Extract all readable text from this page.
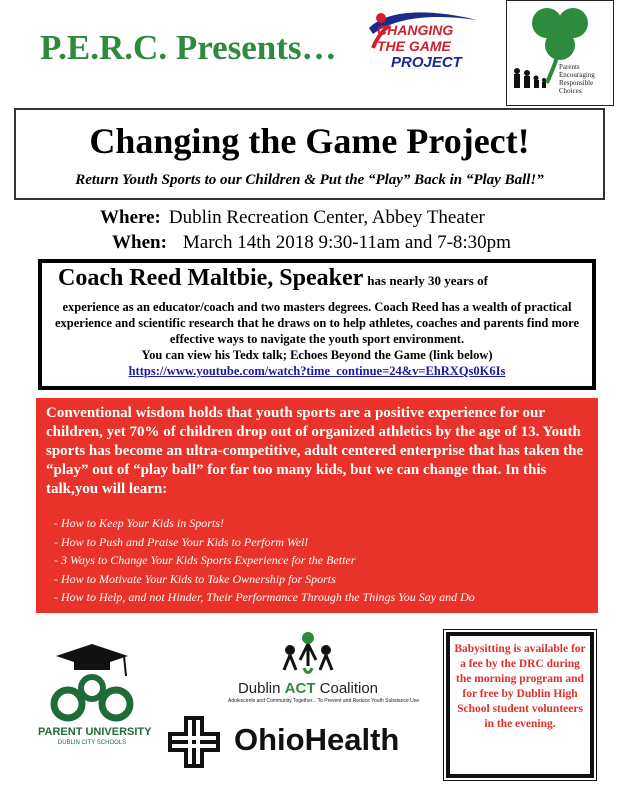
P.E.R.C. Presents…	CHANGING
THE GAME
PROJECT	Parents
Encouraging
Responsible
Choices
Changing the Game Project!
Return Youth Sports to our Children & Put the “Play” Back in “Play Ball!”
Where: Dublin Recreation Center, Abbey Theater
When: March 14th 2018 9:30-11am and 7-8:30pm
Coach Reed Maltbie, Speaker has nearly 30 years of
experience as an educator/coach and two masters degrees. Coach Reed has a wealth of practical experience and scientific research that he draws on to help athletes, coaches and parents find more effective ways to navigate the youth sport environment.
You can view his Tedx talk; Echoes Beyond the Game (link below)
https://www.youtube.com/watch?time_continue=24&v=EhRXQs0K6Is
Conventional wisdom holds that youth sports are a positive experience for our children, yet 70% of children drop out of organized athletics by the age of 13. Youth sports has become an ultra-competitive, adult centered enterprise that has taken the “play” out of “play ball” for far too many kids, but we can change that. In this talk,you will learn:
- How to Keep Your Kids in Sports!
- How to Push and Praise Your Kids to Perform Well
- 3 Ways to Change Your Kids Sports Experience for the Better
- How to Motivate Your Kids to Take Ownership for Sports
- How to Help, and not Hinder, Their Performance Through the Things You Say and Do
PARENT UNIVERSITY
DUBLIN CITY SCHOOLS
Dublin ACT Coalition
Adolescents and Community Together... To Prevent and Reduce Youth Substance Use
OhioHealth
Babysitting is available for a fee by the DRC during the morning program and for free by Dublin High School student volunteers in the evening.
